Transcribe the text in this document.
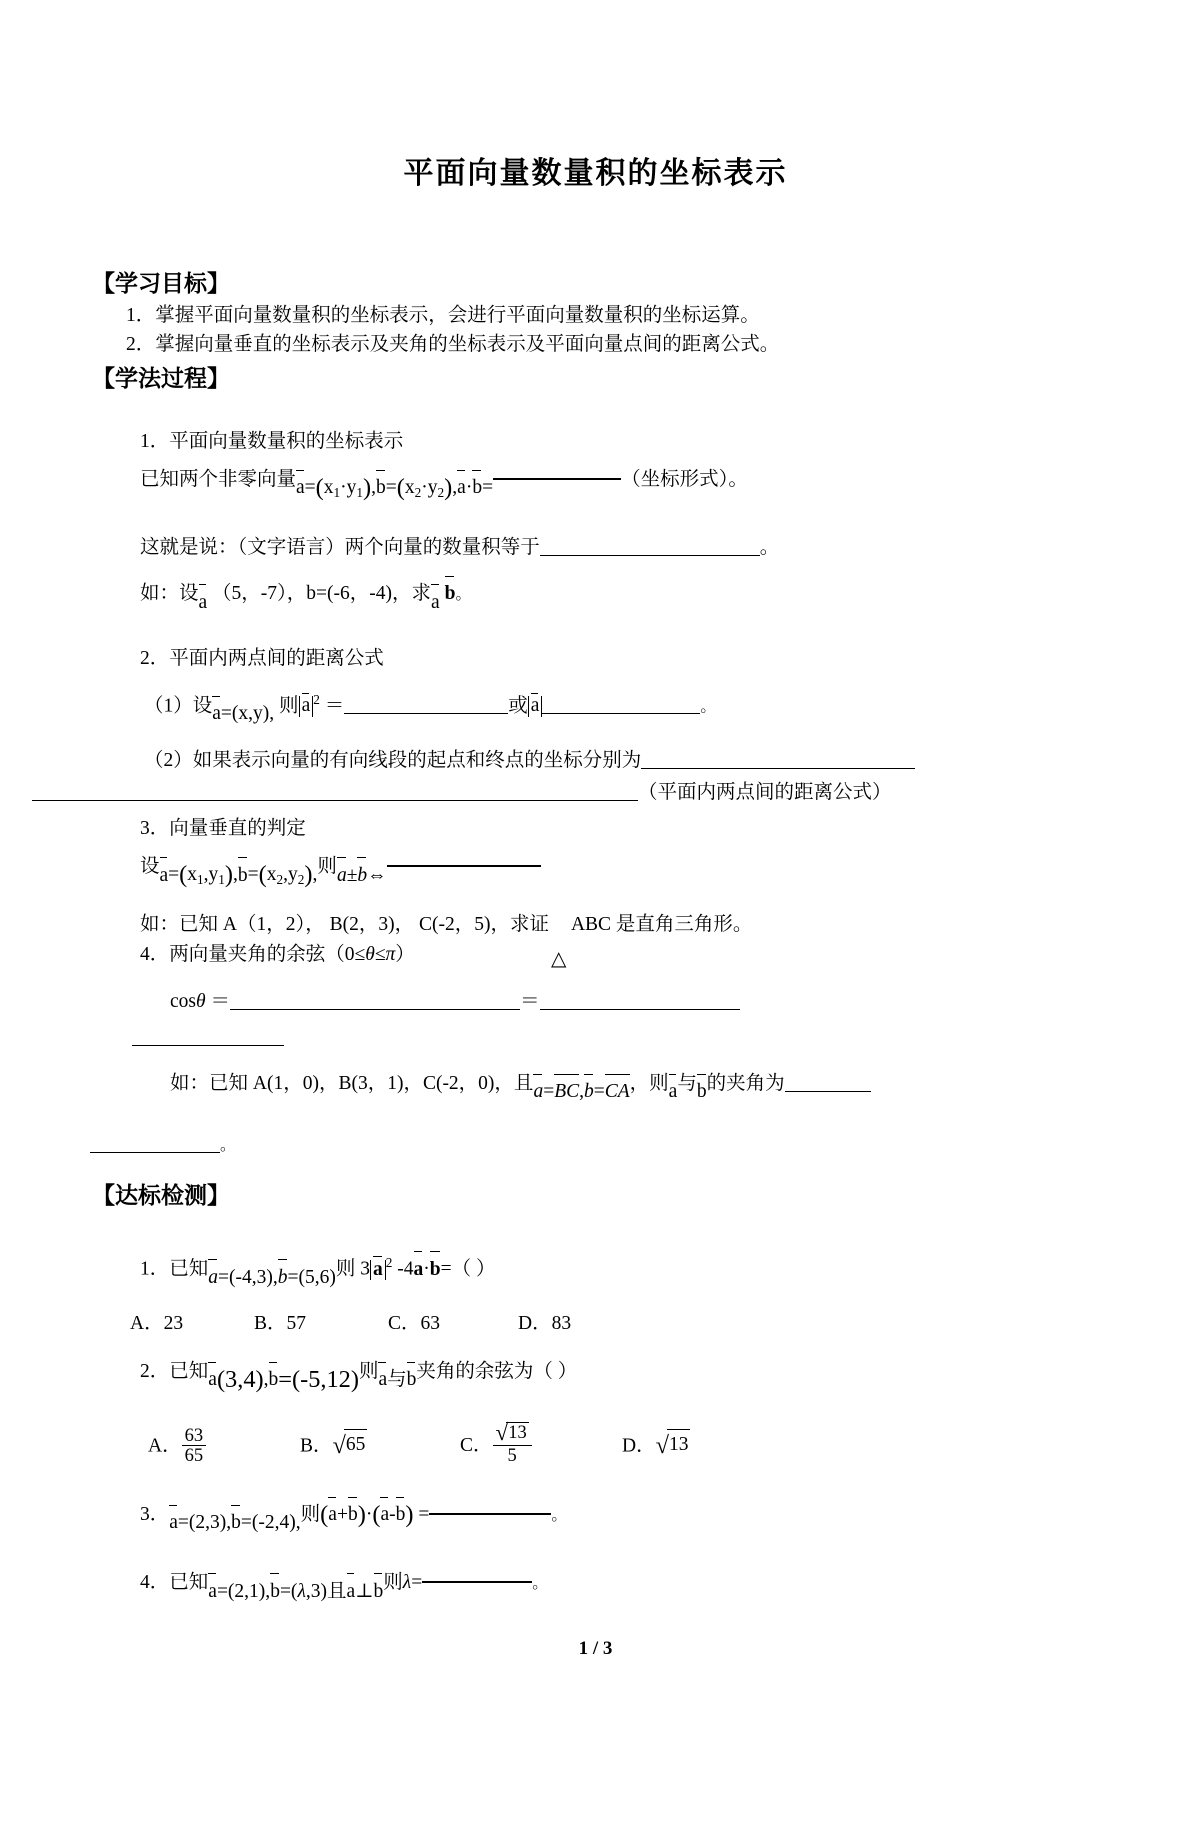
平面向量数量积的坐标表示
【学习目标】
1．掌握平面向量数量积的坐标表示，会进行平面向量数量积的坐标运算。
2．掌握向量垂直的坐标表示及夹角的坐标表示及平面向量点间的距离公式。
【学法过程】
1．平面向量数量积的坐标表示
已知两个非零向量$a=(x_1\cdot y_1),b=(x_2\cdot y_2),a\cdot b=$	（坐标形式）。
这就是说：（文字语言）两个向量的数量积等于	。
如：设a （5，-7），b=(-6，-4)，求a b。
2．平面内两点间的距离公式
（1）设a=(x,y), 则 a $^2$ ＝	或 a	。
（2）如果表示向量的有向线段的起点和终点的坐标分别为
（平面内两点间的距离公式）
3．向量垂直的判定
设$a=(x_1,y_1),b=(x_2,y_2)$,则a±b⇔
如：已知 A（1，2）， B(2，3)， C(-2，5)，求证
△
ABC 是直角三角形。
4．两向量夹角的余弦（0≤θ≤π）
cosθ ＝	＝
如：已知 A(1，0)，B(3，1)，C(-2，0)，且a=BC,b=CA，则a与b的夹角为
。
【达标检测】
1．已知a=(-4,3),b=(5,6)则 3 a $^2$ -4a·b=（ ）
A．23	B．57	C．63	D．83
2．已知a(3,4),b=(-5,12)则a与b夹角的余弦为（ ）
A． $\frac{63}{65}$	B．√65	C． $\frac{√13}{5}$	D．√13
3．a=(2,3),b=(-2,4),则(a+b)·(a-b) =	。
4．已知a=(2,1),b=(λ,3)且a⊥b则λ=	。
1 / 3
